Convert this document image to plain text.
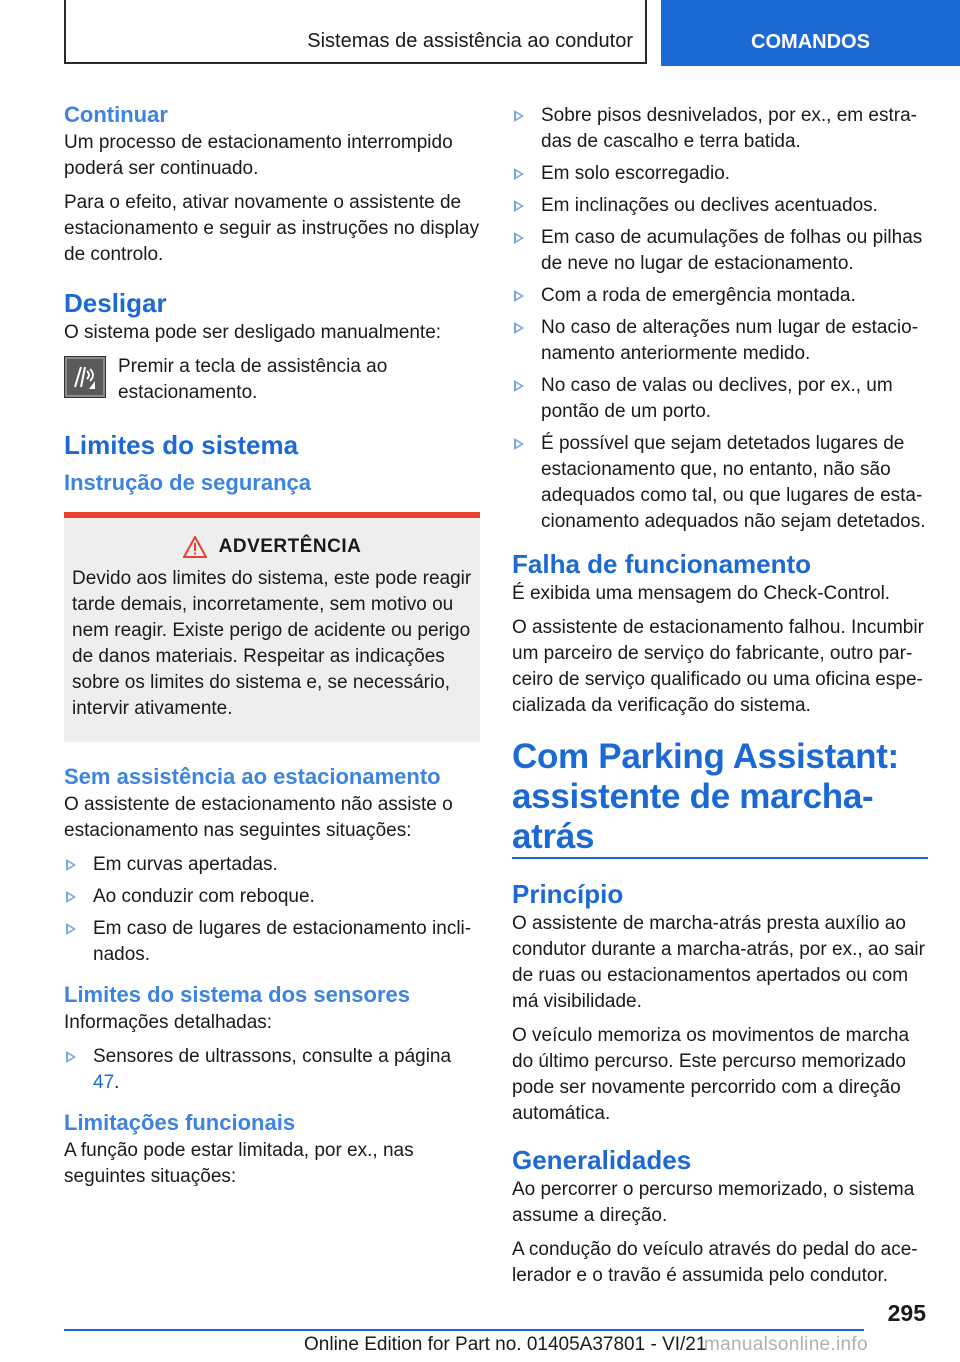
Sistemas de assistência ao condutor	COMANDOS
Continuar

Um processo de estacionamento interrompido poderá ser continuado.

Para o efeito, ativar novamente o assistente de estacionamento e seguir as instruções no display de controlo.

Desligar

O sistema pode ser desligado manualmente:

Premir a tecla de assistência ao estacionamento.
Limites do sistema
Instrução de segurança
ADVERTÊNCIA

Devido aos limites do sistema, este pode reagir tarde demais, incorretamente, sem motivo ou nem reagir. Existe perigo de acidente ou perigo de danos materiais. Respeitar as indicações sobre os limites do sistema e, se necessário, intervir ativamente.

Sem assistência ao estacionamento

O assistente de estacionamento não assiste o estacionamento nas seguintes situações:

Em curvas apertadas.
Ao conduzir com reboque.
Em caso de lugares de estacionamento inclinados.
Limites do sistema dos sensores

Informações detalhadas:

Sensores de ultrassons, consulte a página 47.
Limitações funcionais

A função pode estar limitada, por ex., nas seguintes situações:

Sobre pisos desnivelados, por ex., em estradas de cascalho e terra batida.
Em solo escorregadio.
Em inclinações ou declives acentuados.
Em caso de acumulações de folhas ou pilhas de neve no lugar de estacionamento.
Com a roda de emergência montada.
No caso de alterações num lugar de estacionamento anteriormente medido.
No caso de valas ou declives, por ex., um pontão de um porto.
É possível que sejam detetados lugares de estacionamento que, no entanto, não são adequados como tal, ou que lugares de estacionamento adequados não sejam detetados.
Falha de funcionamento

É exibida uma mensagem do Check-Control.

O assistente de estacionamento falhou. Incumbir um parceiro de serviço do fabricante, outro parceiro de serviço qualificado ou uma oficina especializada da verificação do sistema.

Com Parking Assistant:
assistente de marcha-atrás
Princípio

O assistente de marcha-atrás presta auxílio ao condutor durante a marcha-atrás, por ex., ao sair de ruas ou estacionamentos apertados ou com má visibilidade.

O veículo memoriza os movimentos de marcha do último percurso. Este percurso memorizado pode ser novamente percorrido com a direção automática.

Generalidades

Ao percorrer o percurso memorizado, o sistema assume a direção.

A condução do veículo através do pedal do acelerador e o travão é assumida pelo condutor.

295
Online Edition for Part no. 01405A37801 - VI/21
manualsonline.info
